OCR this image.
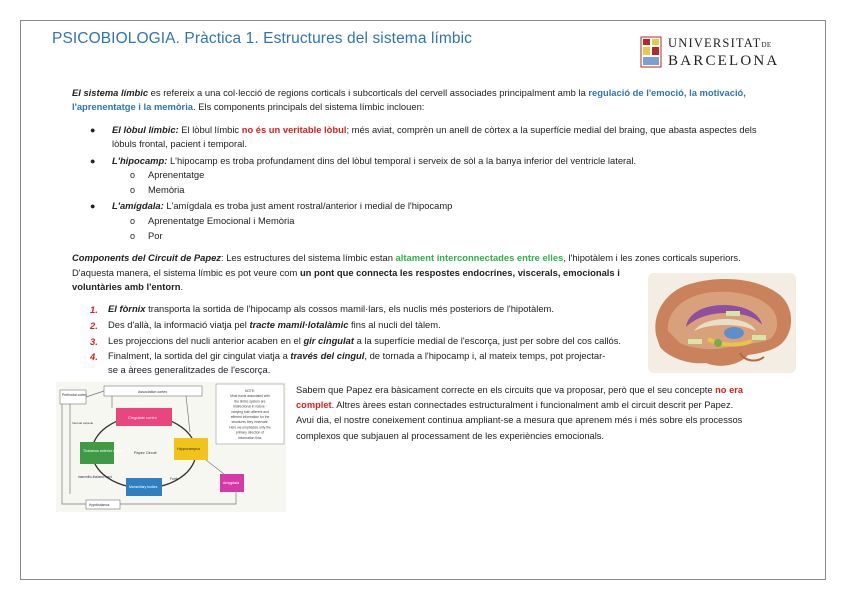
PSICOBIOLOGIA. Pràctica 1. Estructures del sistema límbic	UNIVERSITATDE
BARCELONA
El sistema límbic es refereix a una col·lecció de regions corticals i subcorticals del cervell associades principalment amb la regulació de l'emoció, la motivació,
l'aprenentatge i la memòria. Els components principals del sistema límbic inclouen:
● El lòbul límbic: El lòbul límbic no és un veritable lòbul; més aviat, comprèn un anell de còrtex a la superfície medial del braing, que abasta aspectes dels
lòbuls frontal, pacient i temporal.
● L'hipocamp: L'hipocamp es troba profundament dins del lòbul temporal i serveix de sòl a la banya inferior del ventricle lateral.
o Aprenentatge
o Memòria
● L'amígdala: L'amígdala es troba just ament rostral/anterior i medial de l'hipocamp
o Aprenentatge Emocional i Memòria
o Por
Components del Circuit de Papez: Les estructures del sistema límbic estan altament interconnectades entre elles, l'hipotàlem i les zones corticals superiors.
D'aquesta manera, el sistema límbic es pot veure com un pont que connecta les respostes endocrines, viscerals, emocionals i
voluntàries amb l'entorn.
1. El fòrnix transporta la sortida de l'hipocamp als cossos mamil·lars, els nuclis més posteriors de l'hipotàlem.
2. Des d'allà, la informació viatja pel tracte mamil·lotalàmic fins al nucli del tàlem.
3. Les projeccions del nucli anterior acaben en el gir cingulat a la superfície medial de l'escorça, just per sobre del cos callós.
4. Finalment, la sortida del gir cingulat viatja a través del cingul, de tornada a l'hipocamp i, al mateix temps, pot projectar-
se a àrees generalitzades de l'escorça.
Prefrontal cortex
Association cortex	NOTE:
Most tracts associated with
the limbic system are
bidirectional in nature -
carrying both afferent and
efferent information for the
structures they innervate.
Here we emphasize only the
primary direction of
information flow.
Internal capsule
Cingulate cortex
Thalamus anterior nuclei	Hippocampus
Mammillary bodies
Amygdala
Papez Circuit
Fornix
mammillo-thalamic tract
Hypothalamus
Sabem que Papez era bàsicament correcte en els circuits que va proposar, però que el seu concepte no era
complet. Altres àrees estan connectades estructuralment i funcionalment amb el circuit descrit per Papez.
Avui dia, el nostre coneixement continua ampliant-se a mesura que aprenem més i més sobre els processos
complexos que subjauen al processament de les experiències emocionals.
